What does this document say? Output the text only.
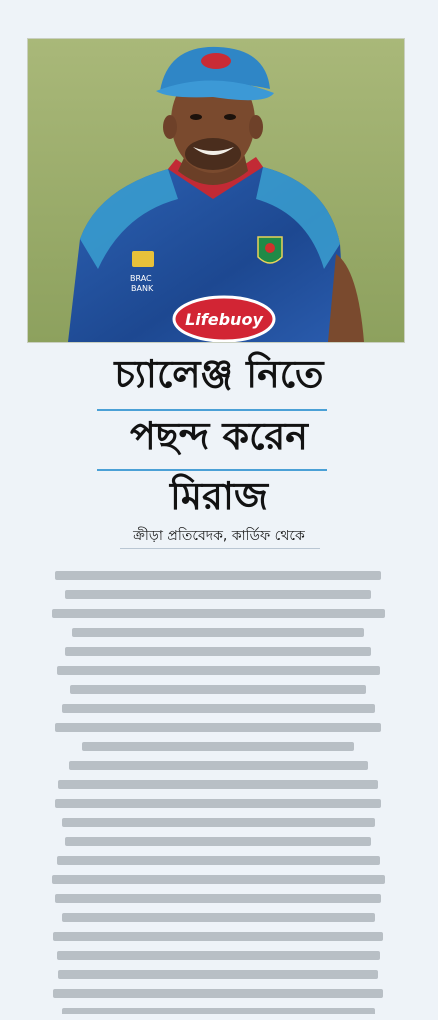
BRAC
BANK
Lifebuoy
চ্যালেঞ্জ নিতে
পছন্দ করেন
মিরাজ
ক্রীড়া প্রতিবেদক, কার্ডিফ থেকে
